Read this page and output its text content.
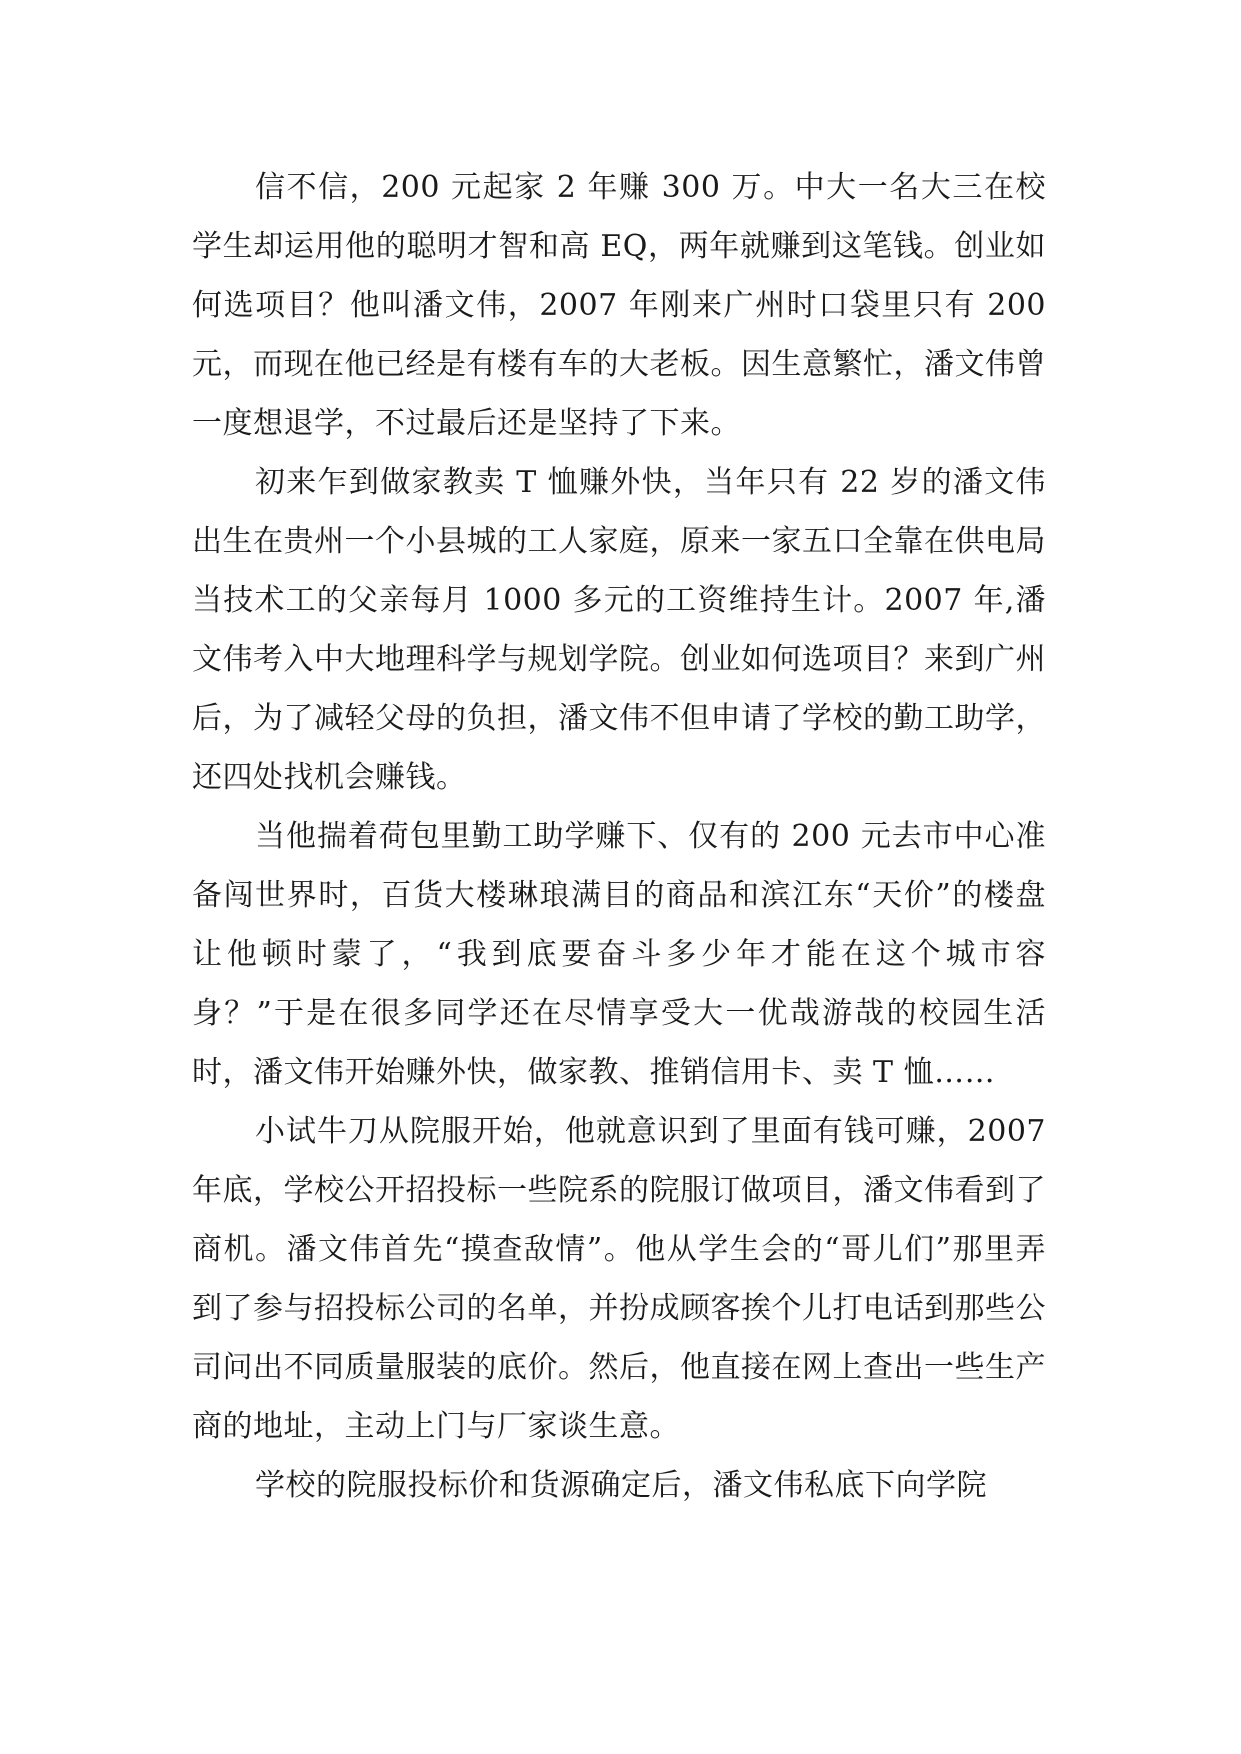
信不信，200 元起家 2 年赚 300 万。中大一名大三在校学生却运用他的聪明才智和高 EQ，两年就赚到这笔钱。创业如何选项目？他叫潘文伟，2007 年刚来广州时口袋里只有 200 元，而现在他已经是有楼有车的大老板。因生意繁忙，潘文伟曾一度想退学，不过最后还是坚持了下来。

初来乍到做家教卖 T 恤赚外快，当年只有 22 岁的潘文伟出生在贵州一个小县城的工人家庭，原来一家五口全靠在供电局当技术工的父亲每月 1000 多元的工资维持生计。2007 年,潘文伟考入中大地理科学与规划学院。创业如何选项目？来到广州后，为了减轻父母的负担，潘文伟不但申请了学校的勤工助学，还四处找机会赚钱。

当他揣着荷包里勤工助学赚下、仅有的 200 元去市中心准备闯世界时，百货大楼琳琅满目的商品和滨江东“天价”的楼盘让他顿时蒙了，“我到底要奋斗多少年才能在这个城市容身？”于是在很多同学还在尽情享受大一优哉游哉的校园生活时，潘文伟开始赚外快，做家教、推销信用卡、卖 T 恤……

小试牛刀从院服开始，他就意识到了里面有钱可赚，2007 年底，学校公开招投标一些院系的院服订做项目，潘文伟看到了商机。潘文伟首先“摸查敌情”。他从学生会的“哥儿们”那里弄到了参与招投标公司的名单，并扮成顾客挨个儿打电话到那些公司问出不同质量服装的底价。然后，他直接在网上查出一些生产商的地址，主动上门与厂家谈生意。

学校的院服投标价和货源确定后，潘文伟私底下向学院
